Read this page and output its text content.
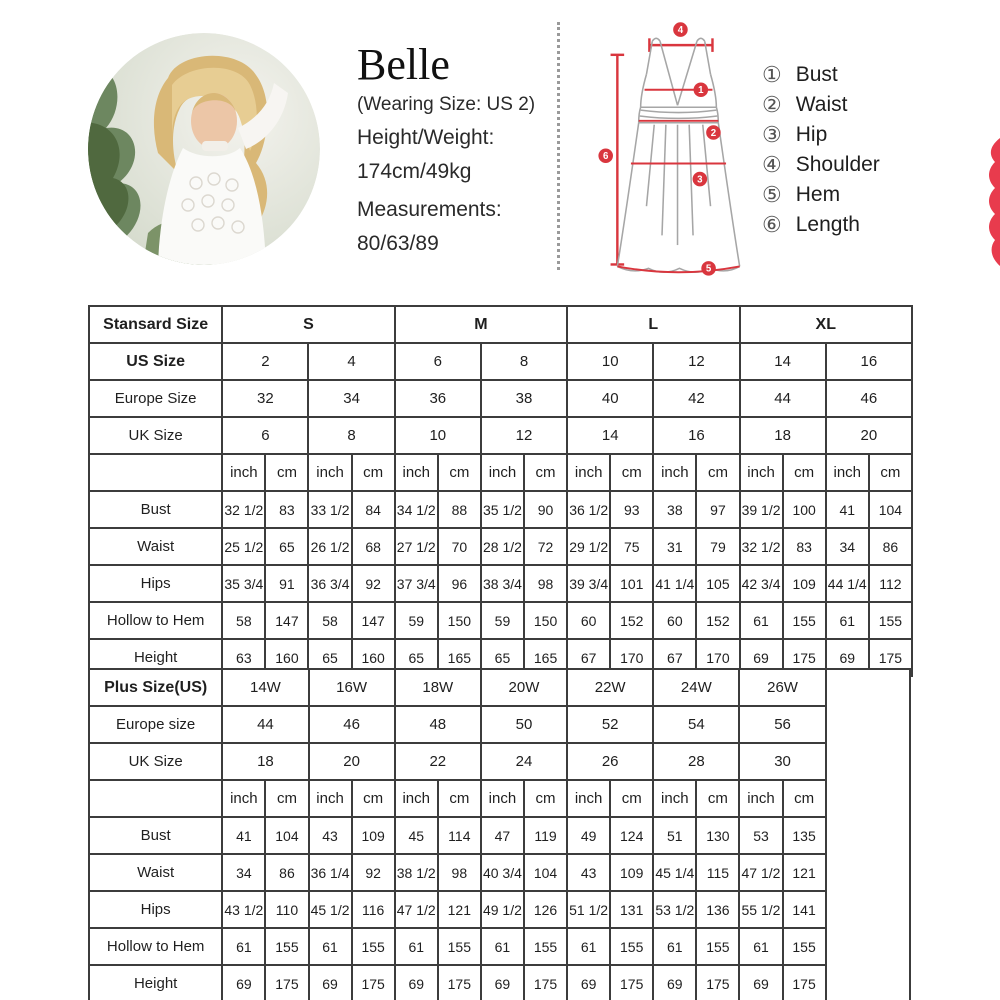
Belle
(Wearing Size: US 2)
Height/Weight:
174cm/49kg
Measurements:
80/63/89
4
6
1
2
3
5
① Bust
② Waist
③ Hip
④ Shoulder
⑤ Hem
⑥ Length
Stansard Size	S				M				L				XL			
US Size	2		4		6		8		10		12		14		16	
Europe Size	32		34		36		38		40		42		44		46	
UK Size	6		8		10		12		14		16		18		20	
	inch	cm	inch	cm	inch	cm	inch	cm	inch	cm	inch	cm	inch	cm	inch	cm
Bust	32 1/2	83	33 1/2	84	34 1/2	88	35 1/2	90	36 1/2	93	38	97	39 1/2	100	41	104
Waist	25 1/2	65	26 1/2	68	27 1/2	70	28 1/2	72	29 1/2	75	31	79	32 1/2	83	34	86
Hips	35 3/4	91	36 3/4	92	37 3/4	96	38 3/4	98	39 3/4	101	41 1/4	105	42 3/4	109	44 1/4	112
Hollow to Hem	58	147	58	147	59	150	59	150	60	152	60	152	61	155	61	155
Height	63	160	65	160	65	165	65	165	67	170	67	170	69	175	69	175
Plus Size(US)	14W		16W		18W		20W		22W		24W		26W		
Europe size	44		46		48		50		52		54		56		
UK Size	18		20		22		24		26		28		30		
	inch	cm	inch	cm	inch	cm	inch	cm	inch	cm	inch	cm	inch	cm	
Bust	41	104	43	109	45	114	47	119	49	124	51	130	53	135	
Waist	34	86	36 1/4	92	38 1/2	98	40 3/4	104	43	109	45 1/4	115	47 1/2	121	
Hips	43 1/2	110	45 1/2	116	47 1/2	121	49 1/2	126	51 1/2	131	53 1/2	136	55 1/2	141	
Hollow to Hem	61	155	61	155	61	155	61	155	61	155	61	155	61	155	
Height	69	175	69	175	69	175	69	175	69	175	69	175	69	175	
